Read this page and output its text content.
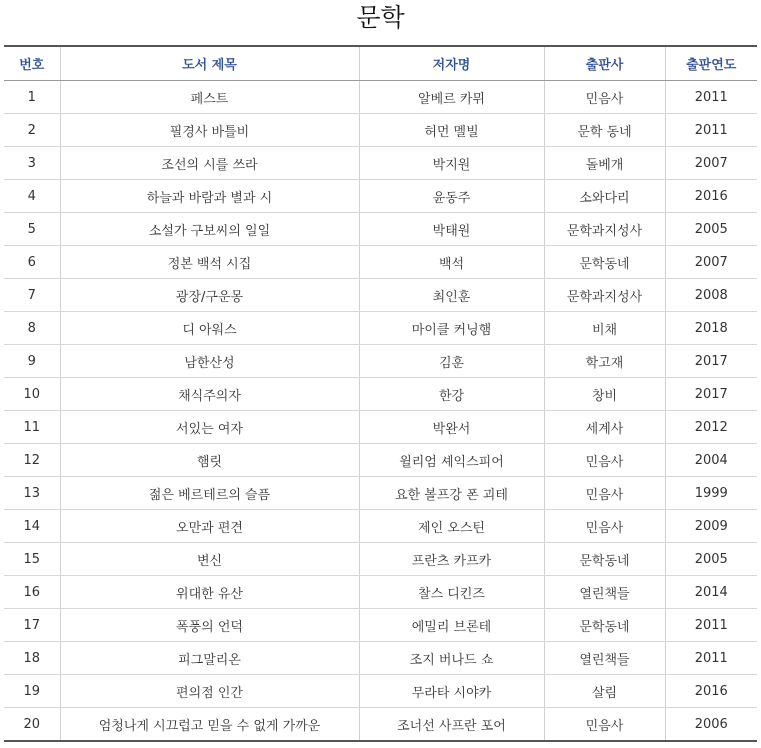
문학
번호	도서 제목	저자명	출판사	출판연도
1	페스트	알베르 카뮈	민음사	2011
2	필경사 바틀비	허먼 멜빌	문학 동네	2011
3	조선의 시를 쓰라	박지원	돌베개	2007
4	하늘과 바람과 별과 시	윤동주	소와다리	2016
5	소설가 구보씨의 일일	박태원	문학과지성사	2005
6	정본 백석 시집	백석	문학동네	2007
7	광장/구운몽	최인훈	문학과지성사	2008
8	디 아워스	마이클 커닝햄	비채	2018
9	남한산성	김훈	학고재	2017
10	채식주의자	한강	창비	2017
11	서있는 여자	박완서	세계사	2012
12	햄릿	윌리엄 셰익스피어	민음사	2004
13	젊은 베르테르의 슬픔	요한 볼프강 폰 괴테	민음사	1999
14	오만과 편견	제인 오스틴	민음사	2009
15	변신	프란츠 카프카	문학동네	2005
16	위대한 유산	찰스 디킨즈	열린책들	2014
17	폭풍의 언덕	에밀리 브론테	문학동네	2011
18	피그말리온	조지 버나드 쇼	열린책들	2011
19	편의점 인간	무라타 시야카	살림	2016
20	엄청나게 시끄럽고 믿을 수 없게 가까운	조너선 사프란 포어	민음사	2006
